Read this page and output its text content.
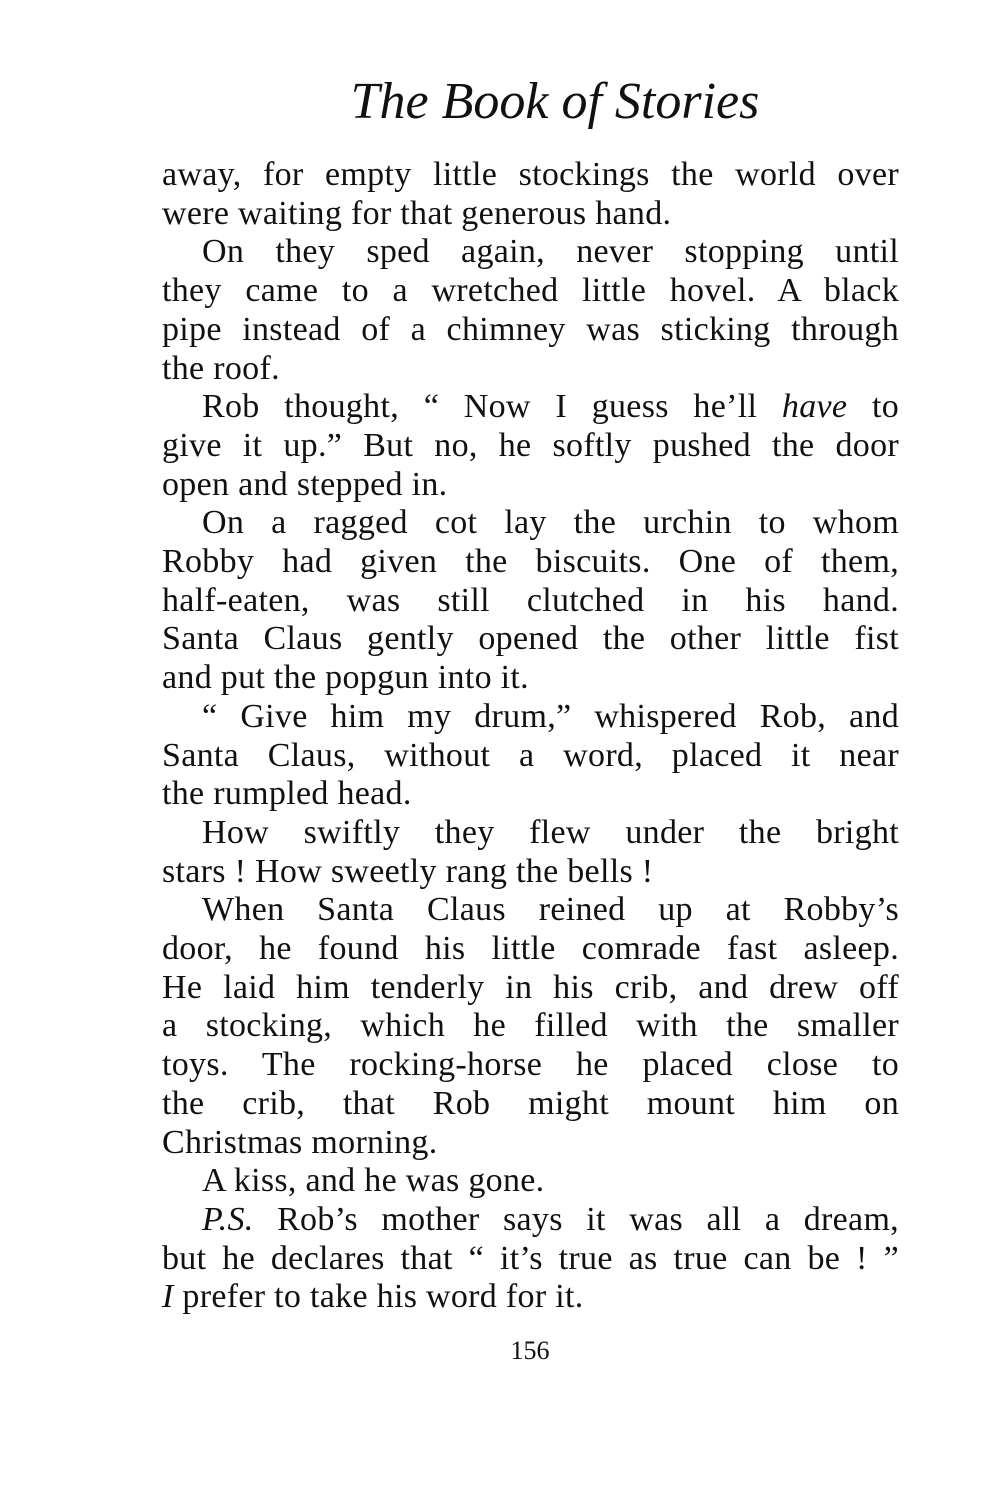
The Book of Stories

away, for empty little stockings the world over

were waiting for that generous hand.

On they sped again, never stopping until

they came to a wretched little hovel. A black

pipe instead of a chimney was sticking through

the roof.

Rob thought, “ Now I guess he’ll have to

give it up.” But no, he softly pushed the door

open and stepped in.

On a ragged cot lay the urchin to whom

Robby had given the biscuits. One of them,

half-eaten, was still clutched in his hand.

Santa Claus gently opened the other little fist

and put the popgun into it.

“ Give him my drum,” whispered Rob, and

Santa Claus, without a word, placed it near

the rumpled head.

How swiftly they flew under the bright

stars ! How sweetly rang the bells !

When Santa Claus reined up at Robby’s

door, he found his little comrade fast asleep.

He laid him tenderly in his crib, and drew off

a stocking, which he filled with the smaller

toys. The rocking-horse he placed close to

the crib, that Rob might mount him on

Christmas morning.

A kiss, and he was gone.

P.S. Rob’s mother says it was all a dream,

but he declares that “ it’s true as true can be ! ”

I prefer to take his word for it.

156
